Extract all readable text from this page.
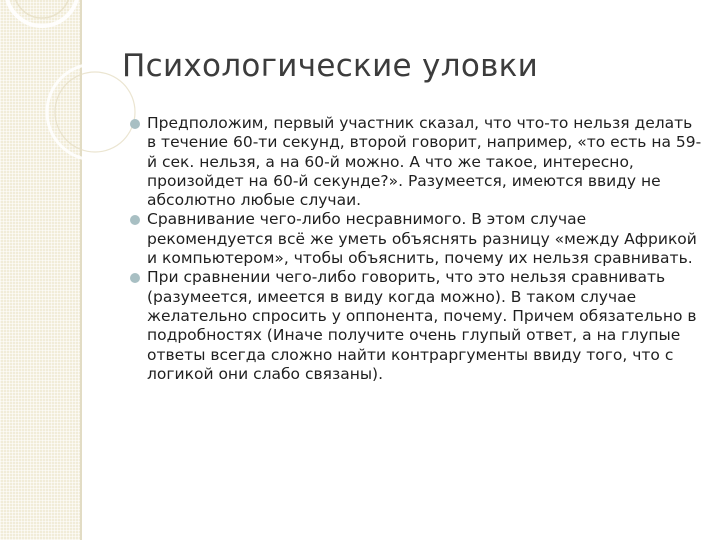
Психологические уловки
Предположим, первый участник сказал, что что-то нельзя делать в течение 60-ти секунд, второй говорит, например, «то есть на 59-й сек. нельзя, а на 60-й можно. А что же такое, интересно, произойдет на 60-й секунде?». Разумеется, имеются ввиду не абсолютно любые случаи.
Сравнивание чего-либо несравнимого. В этом случае рекомендуется всё же уметь объяснять разницу «между Африкой и компьютером», чтобы объяснить, почему их нельзя сравнивать.
При сравнении чего-либо говорить, что это нельзя сравнивать (разумеется, имеется в виду когда можно). В таком случае желательно спросить у оппонента, почему. Причем обязательно в подробностях (Иначе получите очень глупый ответ, а на глупые ответы всегда сложно найти контраргументы ввиду того, что с логикой они слабо связаны).
